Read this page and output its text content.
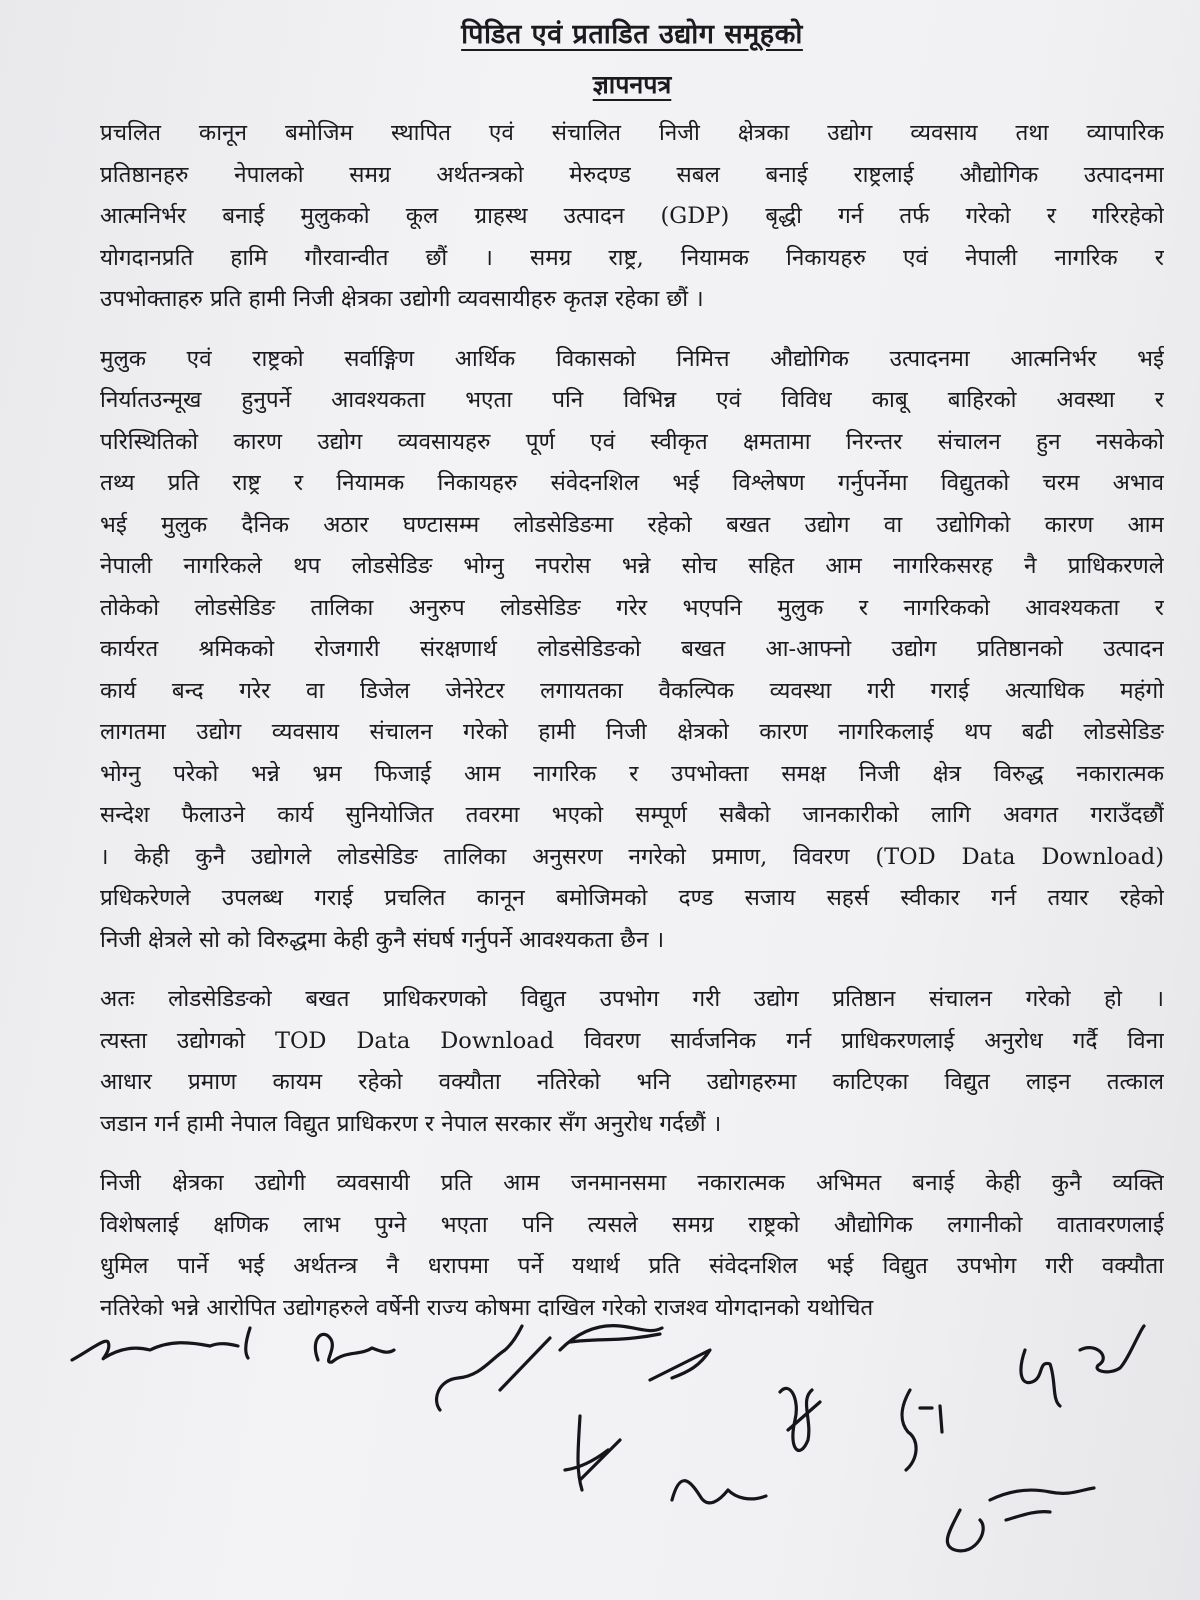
पिडित एवं प्रताडित उद्योग समूहको
ज्ञापनपत्र
प्रचलित कानून बमोजिम स्थापित एवं संचालित निजी क्षेत्रका उद्योग व्यवसाय तथा व्यापारिक
प्रतिष्ठानहरु नेपालको समग्र अर्थतन्त्रको मेरुदण्ड सबल बनाई राष्ट्रलाई औद्योगिक उत्पादनमा
आत्मनिर्भर बनाई मुलुकको कूल ग्राहस्थ उत्पादन (GDP) बृद्धी गर्न तर्फ गरेको र गरिरहेको
योगदानप्रति हामि गौरवान्वीत छौं । समग्र राष्ट्र, नियामक निकायहरु एवं नेपाली नागरिक र
उपभोक्ताहरु प्रति हामी निजी क्षेत्रका उद्योगी व्यवसायीहरु कृतज्ञ रहेका छौं ।
मुलुक एवं राष्ट्रको सर्वाङ्गिण आर्थिक विकासको निमित्त औद्योगिक उत्पादनमा आत्मनिर्भर भई
निर्यातउन्मूख हुनुपर्ने आवश्यकता भएता पनि विभिन्न एवं विविध काबू बाहिरको अवस्था र
परिस्थितिको कारण उद्योग व्यवसायहरु पूर्ण एवं स्वीकृत क्षमतामा निरन्तर संचालन हुन नसकेको
तथ्य प्रति राष्ट्र र नियामक निकायहरु संवेदनशिल भई विश्लेषण गर्नुपर्नेमा विद्युतको चरम अभाव
भई मुलुक दैनिक अठार घण्टासम्म लोडसेडिङमा रहेको बखत उद्योग वा उद्योगिको कारण आम
नेपाली नागरिकले थप लोडसेडिङ भोग्नु नपरोस भन्ने सोच सहित आम नागरिकसरह नै प्राधिकरणले
तोकेको लोडसेडिङ तालिका अनुरुप लोडसेडिङ गरेर भएपनि मुलुक र नागरिकको आवश्यकता र
कार्यरत श्रमिकको रोजगारी संरक्षणार्थ लोडसेडिङको बखत आ-आफ्नो उद्योग प्रतिष्ठानको उत्पादन
कार्य बन्द गरेर वा डिजेल जेनेरेटर लगायतका वैकल्पिक व्यवस्था गरी गराई अत्याधिक महंगो
लागतमा उद्योग व्यवसाय संचालन गरेको हामी निजी क्षेत्रको कारण नागरिकलाई थप बढी लोडसेडिङ
भोग्नु परेको भन्ने भ्रम फिजाई आम नागरिक र उपभोक्ता समक्ष निजी क्षेत्र विरुद्ध नकारात्मक
सन्देश फैलाउने कार्य सुनियोजित तवरमा भएको सम्पूर्ण सबैको जानकारीको लागि अवगत गराउँदछौं
। केही कुनै उद्योगले लोडसेडिङ तालिका अनुसरण नगरेको प्रमाण, विवरण (TOD Data Download)
प्रधिकरेणले उपलब्ध गराई प्रचलित कानून बमोजिमको दण्ड सजाय सहर्स स्वीकार गर्न तयार रहेको
निजी क्षेत्रले सो को विरुद्धमा केही कुनै संघर्ष गर्नुपर्ने आवश्यकता छैन ।
अतः लोडसेडिङको बखत प्राधिकरणको विद्युत उपभोग गरी उद्योग प्रतिष्ठान संचालन गरेको हो ।
त्यस्ता उद्योगको TOD Data Download विवरण सार्वजनिक गर्न प्राधिकरणलाई अनुरोध गर्दै विना
आधार प्रमाण कायम रहेको वक्यौता नतिरेको भनि उद्योगहरुमा काटिएका विद्युत लाइन तत्काल
जडान गर्न हामी नेपाल विद्युत प्राधिकरण र नेपाल सरकार सँग अनुरोध गर्दछौं ।
निजी क्षेत्रका उद्योगी व्यवसायी प्रति आम जनमानसमा नकारात्मक अभिमत बनाई केही कुनै व्यक्ति
विशेषलाई क्षणिक लाभ पुग्ने भएता पनि त्यसले समग्र राष्ट्रको औद्योगिक लगानीको वातावरणलाई
धुमिल पार्ने भई अर्थतन्त्र नै धरापमा पर्ने यथार्थ प्रति संवेदनशिल भई विद्युत उपभोग गरी वक्यौता
नतिरेको भन्ने आरोपित उद्योगहरुले वर्षेनी राज्य कोषमा दाखिल गरेको राजश्व योगदानको यथोचित
